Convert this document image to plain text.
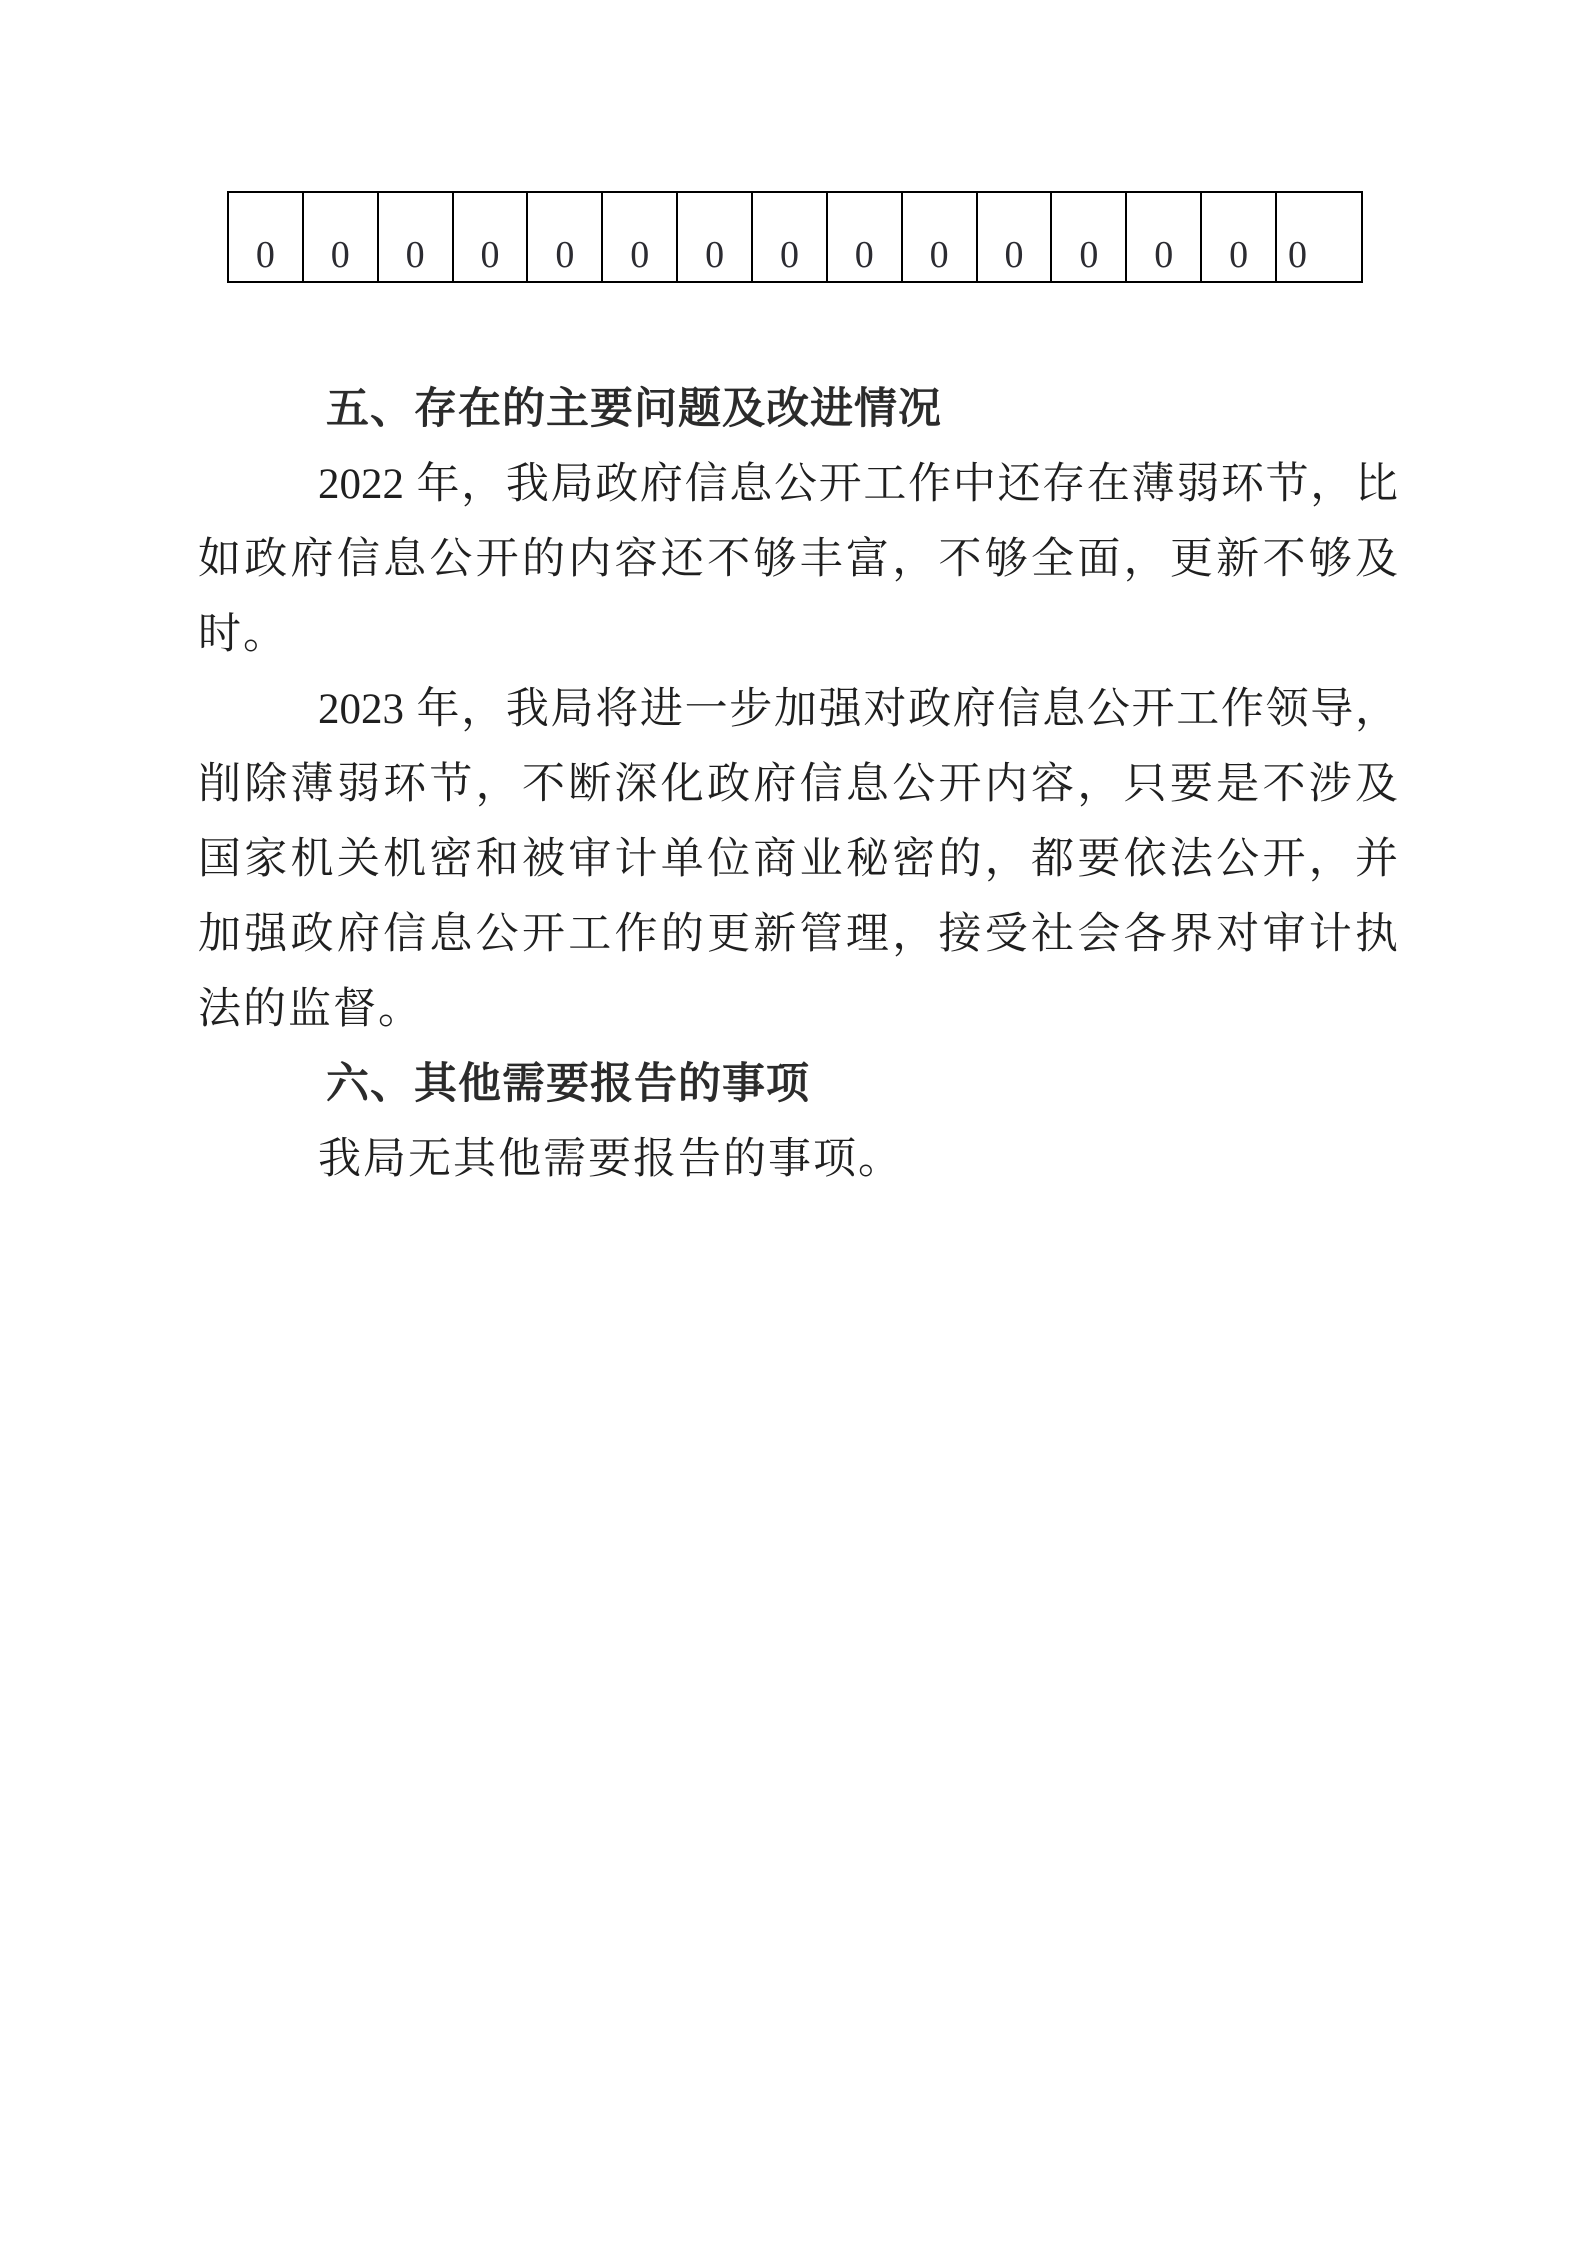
0	0	0	0	0	0	0	0	0	0	0	0	0	0	0
五、存在的主要问题及改进情况
2022 年，我局政府信息公开工作中还存在薄弱环节，比
如政府信息公开的内容还不够丰富，不够全面，更新不够及
时。
2023 年，我局将进一步加强对政府信息公开工作领导，
削除薄弱环节，不断深化政府信息公开内容，只要是不涉及
国家机关机密和被审计单位商业秘密的，都要依法公开，并
加强政府信息公开工作的更新管理，接受社会各界对审计执
法的监督。
六、其他需要报告的事项
我局无其他需要报告的事项。
